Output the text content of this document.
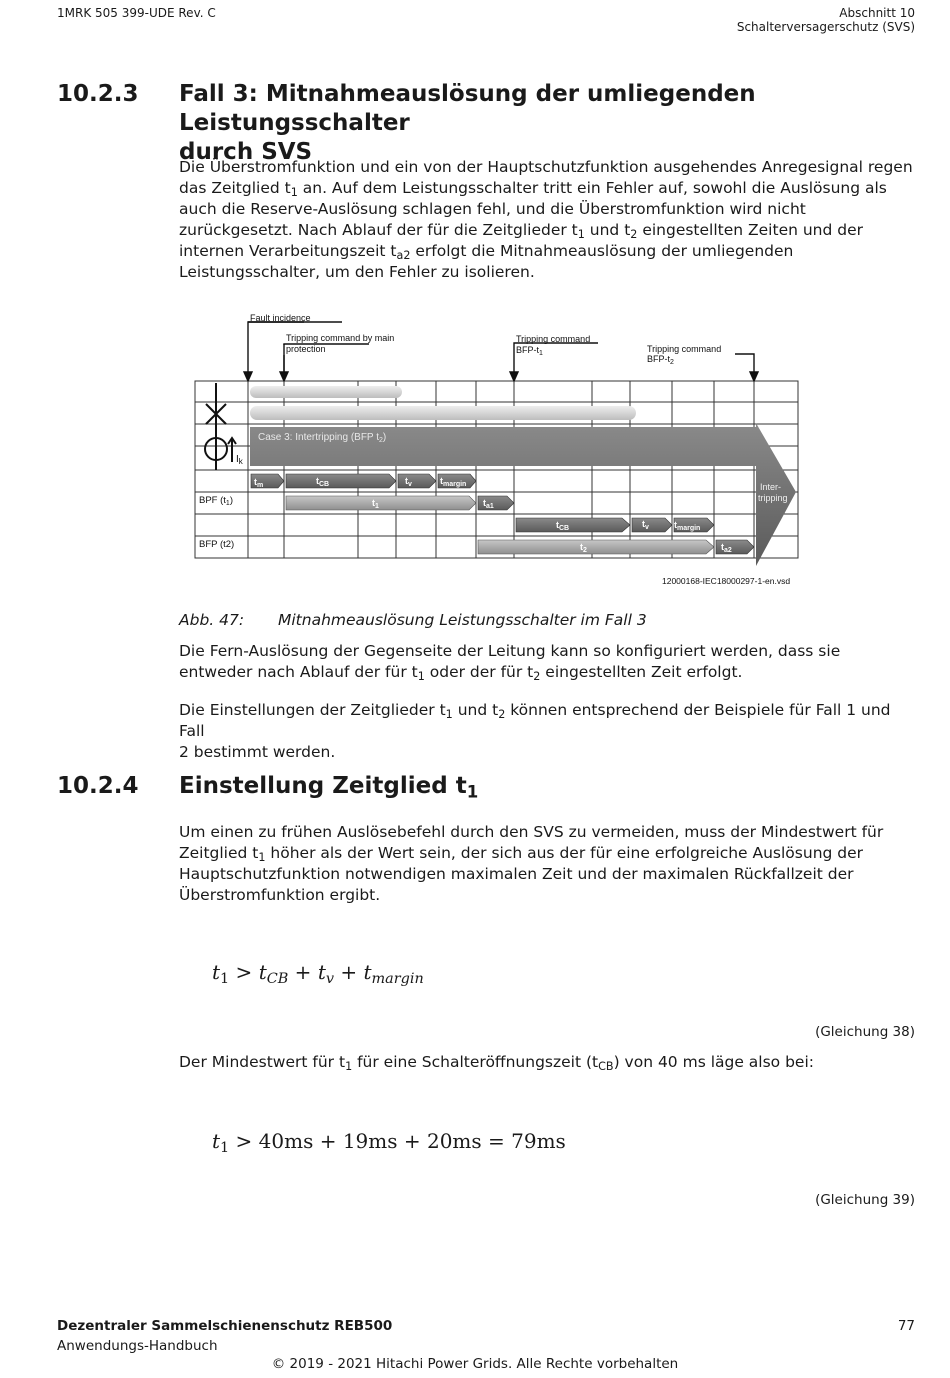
1MRK 505 399-UDE Rev. C	Abschnitt 10
Schalterversagerschutz (SVS)
10.2.3 Fall 3: Mitnahmeauslösung der umliegenden Leistungsschalter
durch SVS

Die Überstromfunktion und ein von der Hauptschutzfunktion ausgehendes Anregesignal regen

das Zeitglied $t_1$ an. Auf dem Leistungsschalter tritt ein Fehler auf, sowohl die Auslösung als

auch die Reserve-Auslösung schlagen fehl, und die Überstromfunktion wird nicht

zurückgesetzt. Nach Ablauf der für die Zeitglieder $t_1$ und $t_2$ eingestellten Zeiten und der

internen Verarbeitungszeit $t_{a2}$ erfolgt die Mitnahmeauslösung der umliegenden

Leistungsschalter, um den Fehler zu isolieren.

$I_k$
Fault incidence
Tripping command by main
protection
Tripping command
BFP-$t_1$	Tripping command
BFP-$t_2$
Case 3: Intertripping (BFP $t_2$)
Inter-
tripping
BPF $(t_1)$
BFP (t2)
$t_m$	$t_{CB}$	$t_v$	$t_{margin}$
$t_1$	$t_{a1}$
$t_{CB}$	$t_v$	$t_{margin}$
$t_2$	$t_{a2}$
12000168-IEC18000297-1-en.vsd
Abb. 47: Mitnahmeauslösung Leistungsschalter im Fall 3

Die Fern-Auslösung der Gegenseite der Leitung kann so konfiguriert werden, dass sie

entweder nach Ablauf der für $t_1$ oder der für $t_2$ eingestellten Zeit erfolgt.

Die Einstellungen der Zeitglieder $t_1$ und $t_2$ können entsprechend der Beispiele für Fall 1 und Fall

2 bestimmt werden.

10.2.4 Einstellung Zeitglied $t_1$

Um einen zu frühen Auslösebefehl durch den SVS zu vermeiden, muss der Mindestwert für

Zeitglied $t_1$ höher als der Wert sein, der sich aus der für eine erfolgreiche Auslösung der

Hauptschutzfunktion notwendigen maximalen Zeit und der maximalen Rückfallzeit der

Überstromfunktion ergibt.

$t_1 > t_{CB} + t_v + t_{margin}$
(Gleichung 38)

Der Mindestwert für $t_1$ für eine Schalteröffnungszeit $(t_{CB})$ von 40 ms läge also bei:

$t_1 > 40ms + 19ms + 20ms = 79ms$
(Gleichung 39)
Dezentraler Sammelschienenschutz REB500
Anwendungs-Handbuch
77
© 2019 - 2021 Hitachi Power Grids. Alle Rechte vorbehalten
